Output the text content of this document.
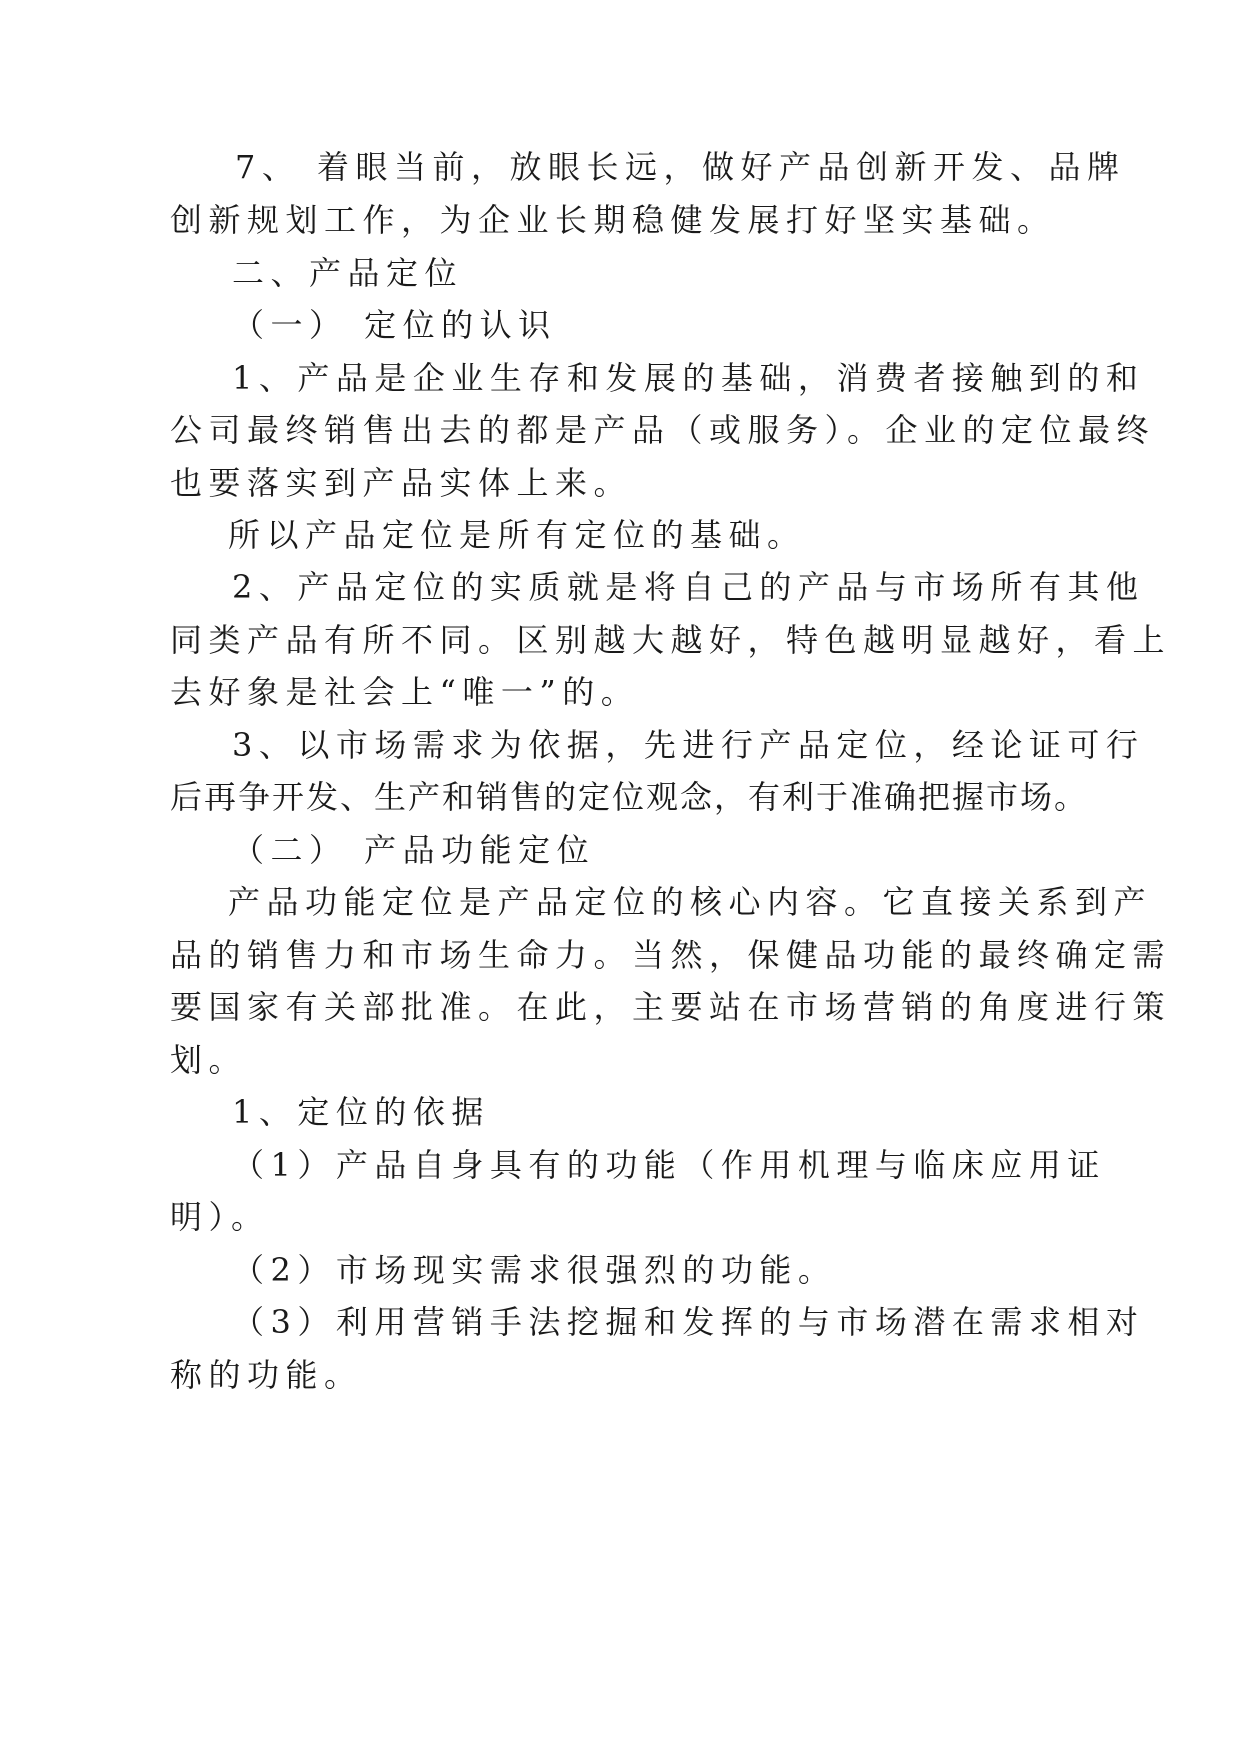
7、 着眼当前，放眼长远，做好产品创新开发、品牌
创新规划工作，为企业长期稳健发展打好坚实基础。
二、产品定位
（一） 定位的认识
1、产品是企业生存和发展的基础，消费者接触到的和
公司最终销售出去的都是产品（或服务）。企业的定位最终
也要落实到产品实体上来。
所以产品定位是所有定位的基础。
2、产品定位的实质就是将自己的产品与市场所有其他
同类产品有所不同。区别越大越好，特色越明显越好，看上
去好象是社会上“唯一”的。
3、以市场需求为依据，先进行产品定位，经论证可行
后再争开发、生产和销售的定位观念，有利于准确把握市场。
（二） 产品功能定位
产品功能定位是产品定位的核心内容。它直接关系到产
品的销售力和市场生命力。当然，保健品功能的最终确定需
要国家有关部批准。在此，主要站在市场营销的角度进行策
划。
1、定位的依据
（1）产品自身具有的功能（作用机理与临床应用证
明）。
（2）市场现实需求很强烈的功能。
（3）利用营销手法挖掘和发挥的与市场潜在需求相对
称的功能。
